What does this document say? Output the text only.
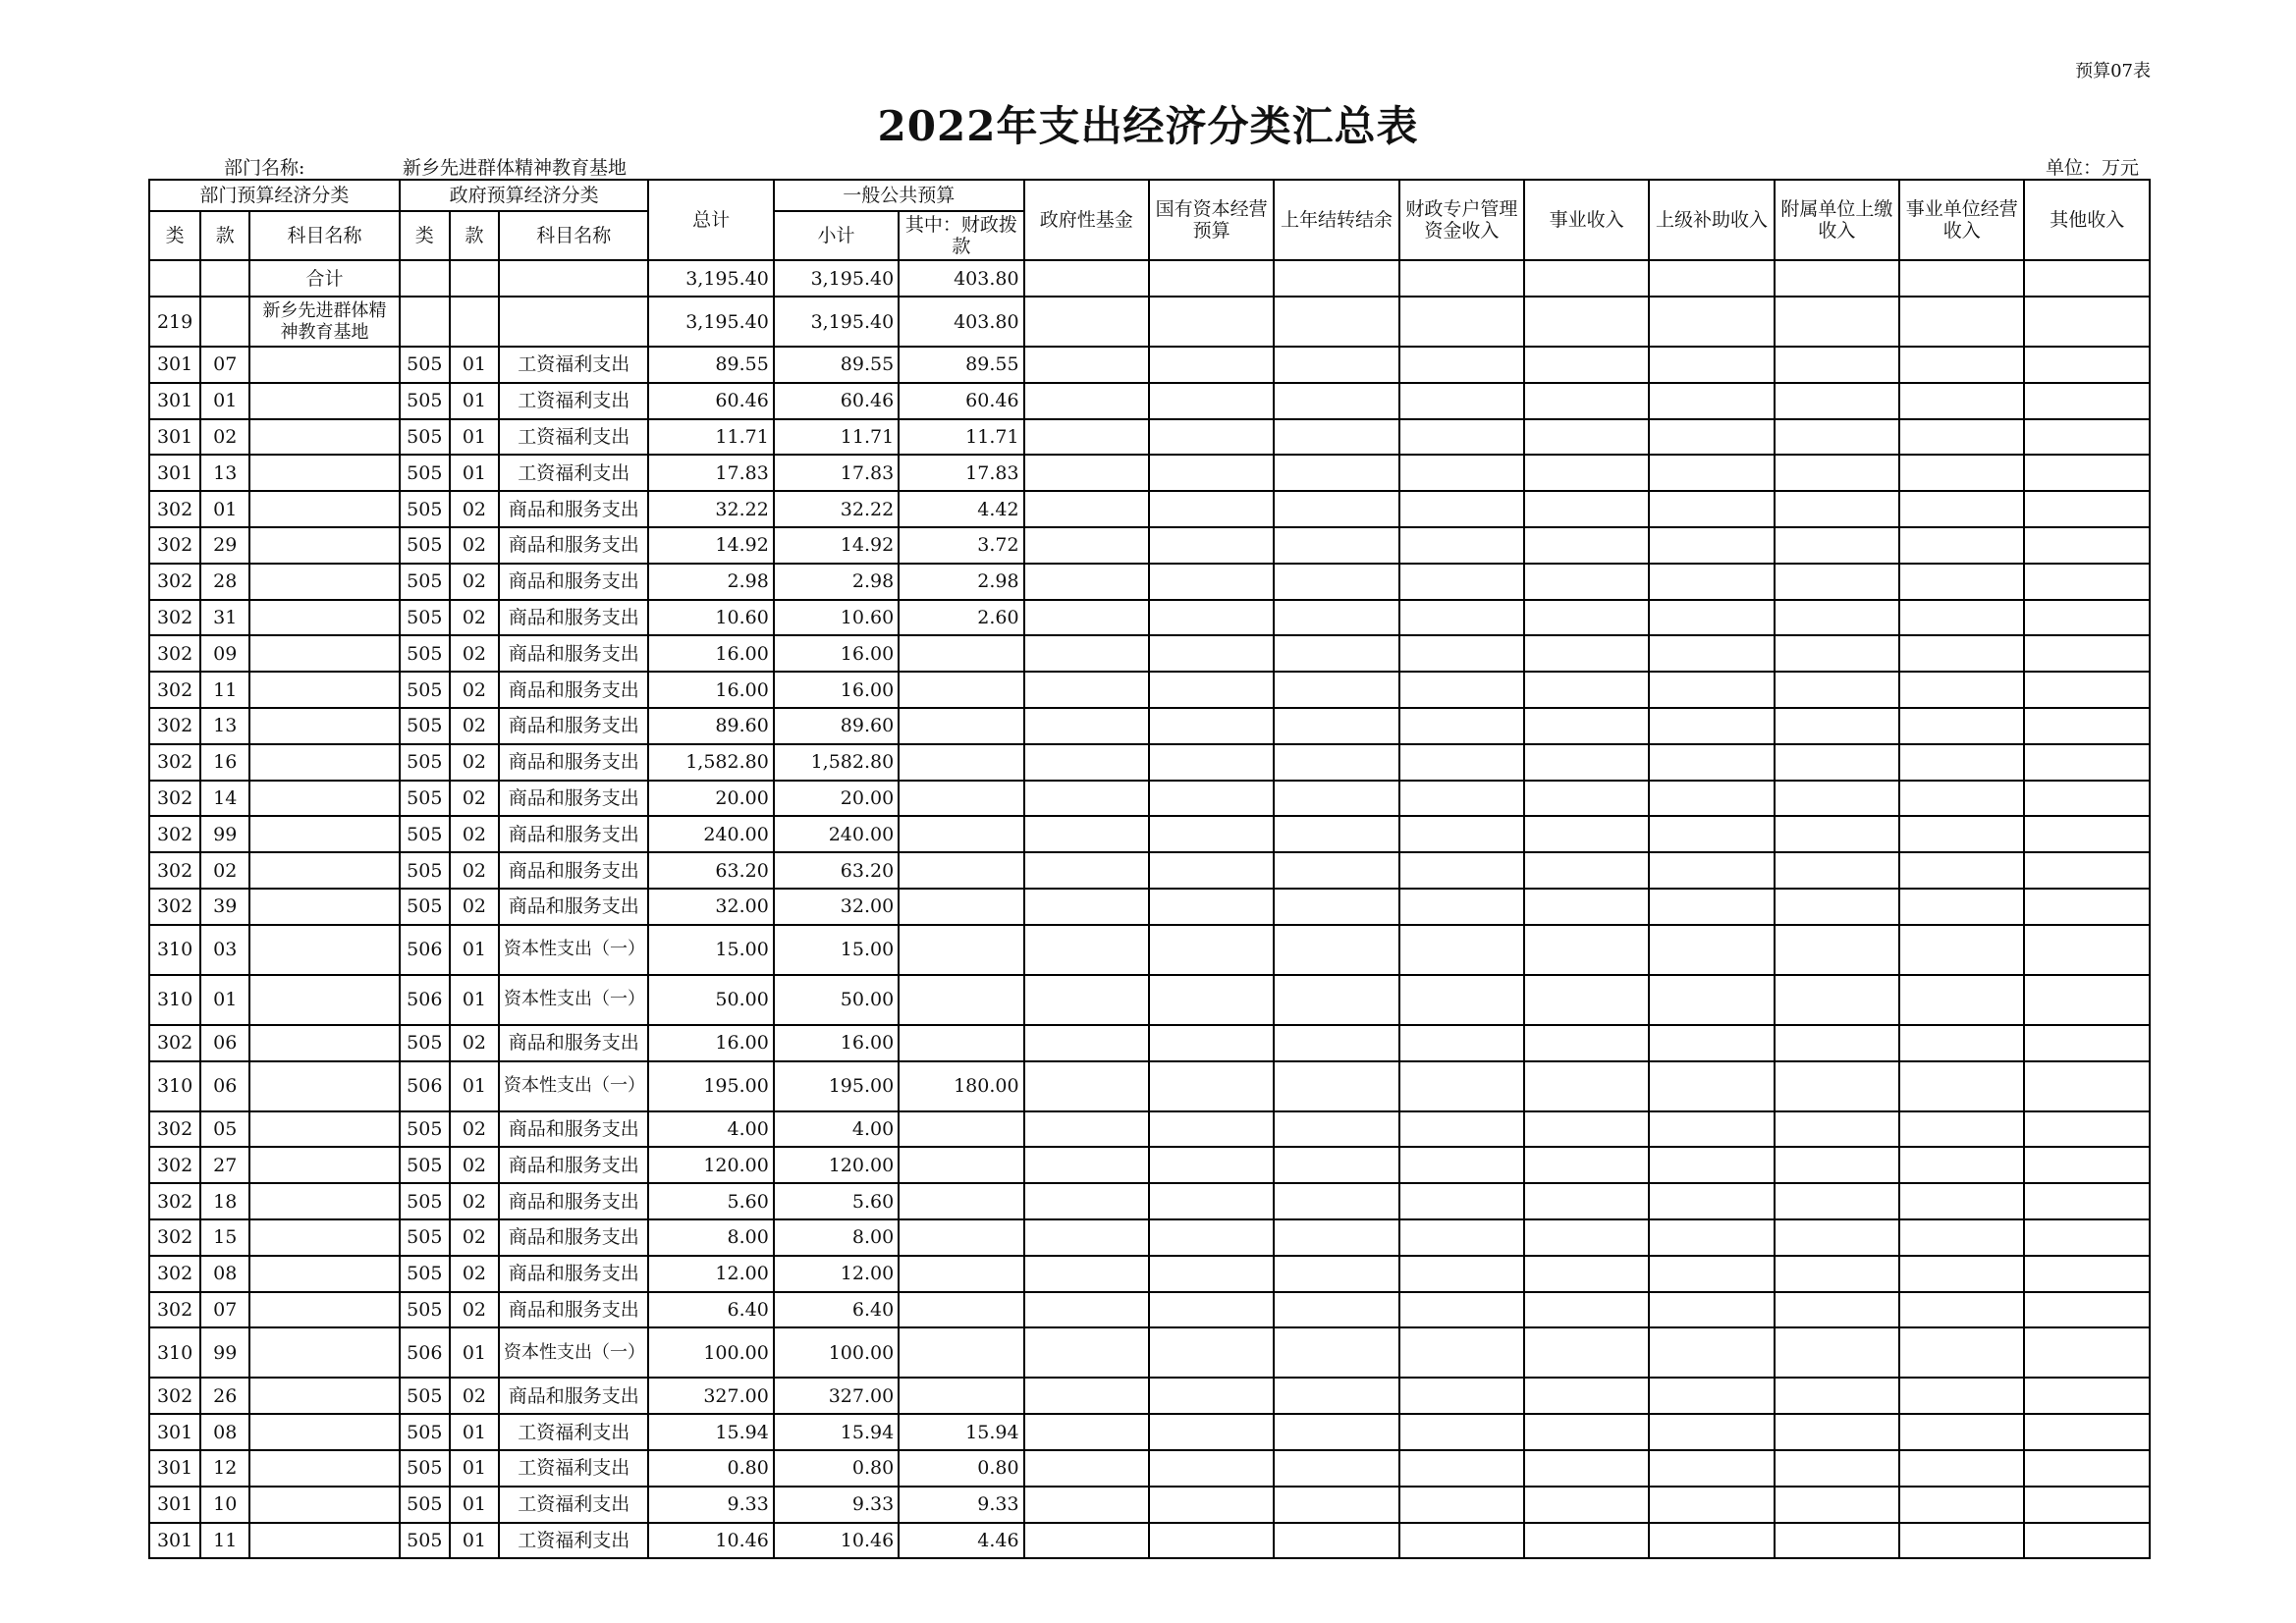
预算07表
2022年支出经济分类汇总表
部门名称:	新乡先进群体精神教育基地	单位：万元
部门预算经济分类			政府预算经济分类			总计	一般公共预算		政府性基金	国有资本经营预算	上年结转结余	财政专户管理资金收入	事业收入	上级补助收入	附属单位上缴收入	事业单位经营收入	其他收入
类	款	科目名称	类	款	科目名称		小计	其中：财政拨款									
		合计				3,195.40	3,195.40	403.80									
219		新乡先进群体精神教育基地				3,195.40	3,195.40	403.80									
301	07		505	01	工资福利支出	89.55	89.55	89.55									
301	01		505	01	工资福利支出	60.46	60.46	60.46									
301	02		505	01	工资福利支出	11.71	11.71	11.71									
301	13		505	01	工资福利支出	17.83	17.83	17.83									
302	01		505	02	商品和服务支出	32.22	32.22	4.42									
302	29		505	02	商品和服务支出	14.92	14.92	3.72									
302	28		505	02	商品和服务支出	2.98	2.98	2.98									
302	31		505	02	商品和服务支出	10.60	10.60	2.60									
302	09		505	02	商品和服务支出	16.00	16.00										
302	11		505	02	商品和服务支出	16.00	16.00										
302	13		505	02	商品和服务支出	89.60	89.60										
302	16		505	02	商品和服务支出	1,582.80	1,582.80										
302	14		505	02	商品和服务支出	20.00	20.00										
302	99		505	02	商品和服务支出	240.00	240.00										
302	02		505	02	商品和服务支出	63.20	63.20										
302	39		505	02	商品和服务支出	32.00	32.00										
310	03		506	01	资本性支出（一）	15.00	15.00										
310	01		506	01	资本性支出（一）	50.00	50.00										
302	06		505	02	商品和服务支出	16.00	16.00										
310	06		506	01	资本性支出（一）	195.00	195.00	180.00									
302	05		505	02	商品和服务支出	4.00	4.00										
302	27		505	02	商品和服务支出	120.00	120.00										
302	18		505	02	商品和服务支出	5.60	5.60										
302	15		505	02	商品和服务支出	8.00	8.00										
302	08		505	02	商品和服务支出	12.00	12.00										
302	07		505	02	商品和服务支出	6.40	6.40										
310	99		506	01	资本性支出（一）	100.00	100.00										
302	26		505	02	商品和服务支出	327.00	327.00										
301	08		505	01	工资福利支出	15.94	15.94	15.94									
301	12		505	01	工资福利支出	0.80	0.80	0.80									
301	10		505	01	工资福利支出	9.33	9.33	9.33									
301	11		505	01	工资福利支出	10.46	10.46	4.46									
